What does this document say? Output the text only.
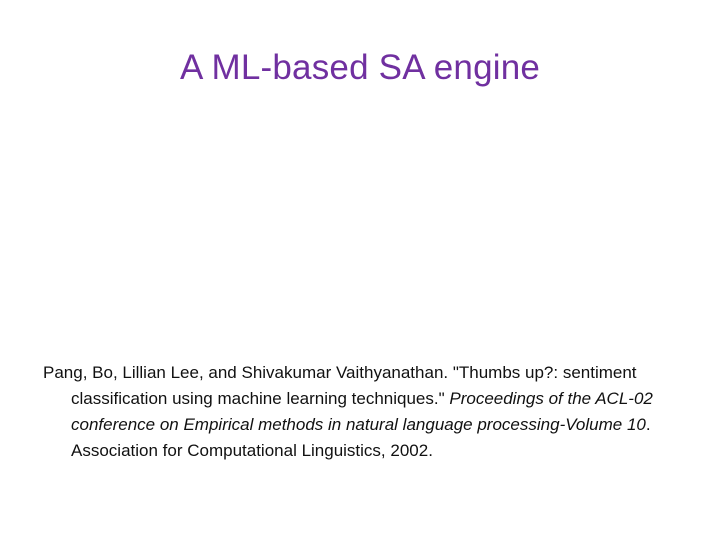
A ML-based SA engine
Pang, Bo, Lillian Lee, and Shivakumar Vaithyanathan. "Thumbs up?: sentiment classification using machine learning techniques." Proceedings of the ACL-02 conference on Empirical methods in natural language processing-Volume 10. Association for Computational Linguistics, 2002.
